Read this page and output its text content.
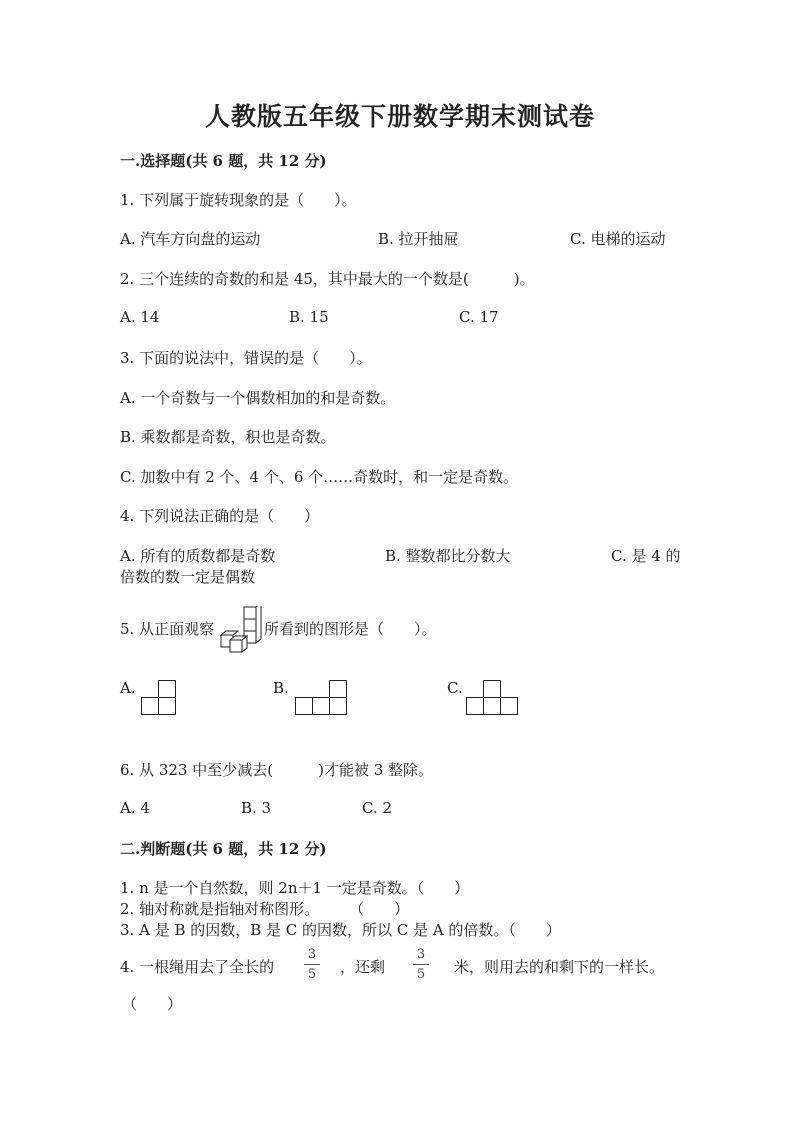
人教版五年级下册数学期末测试卷
一.选择题(共 6 题，共 12 分)
1. 下列属于旋转现象的是（　　）。
A. 汽车方向盘的运动	B. 拉开抽屉	C. 电梯的运动
2. 三个连续的奇数的和是 45，其中最大的一个数是(　　　)。
A. 14	B. 15	C. 17
3. 下面的说法中，错误的是（　　）。
A. 一个奇数与一个偶数相加的和是奇数。
B. 乘数都是奇数，积也是奇数。
C. 加数中有 2 个、4 个、6 个……奇数时，和一定是奇数。
4. 下列说法正确的是（　　）
A. 所有的质数都是奇数	B. 整数都比分数大	C. 是 4 的
倍数的数一定是偶数
5. 从正面观察	所看到的图形是（　　）。
A.	B.	C.
6. 从 323 中至少减去(　　　)才能被 3 整除。
A. 4	B. 3	C. 2
二.判断题(共 6 题，共 12 分)
1. n 是一个自然数，则 2n＋1 一定是奇数。（　　）
2. 轴对称就是指轴对称图形。　　　（　　）
3. A 是 B 的因数，B 是 C 的因数，所以 C 是 A 的倍数。（　　）
4. 一根绳用去了全长的
3
5 ，还剩
3
5 米，则用去的和剩下的一样长。
（　　）
